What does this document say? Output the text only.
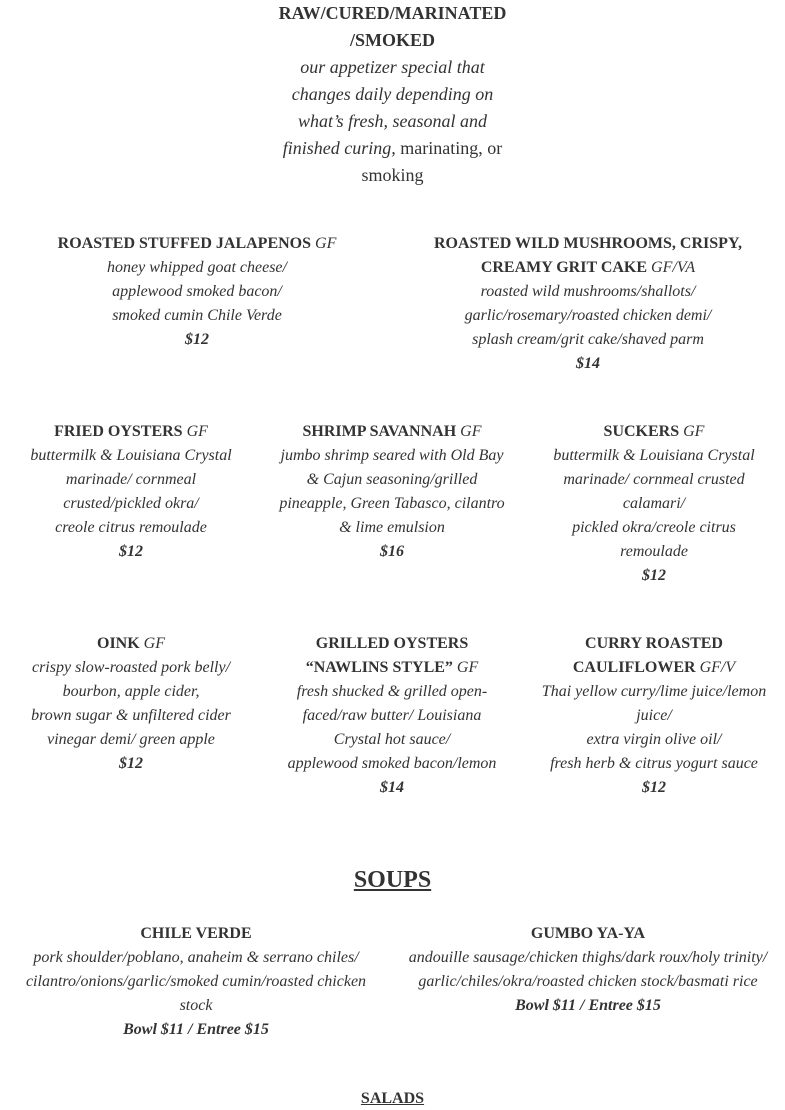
RAW/CURED/MARINATED
/SMOKED
our appetizer special that changes daily depending on what’s fresh, seasonal and finished curing, marinating, or smoking
ROASTED STUFFED JALAPENOS GF
honey whipped goat cheese/
applewood smoked bacon/
smoked cumin Chile Verde
$12
ROASTED WILD MUSHROOMS, CRISPY,
CREAMY GRIT CAKE GF/VA
roasted wild mushrooms/shallots/
garlic/rosemary/roasted chicken demi/
splash cream/grit cake/shaved parm
$14
FRIED OYSTERS GF
buttermilk & Louisiana Crystal
marinade/ cornmeal
crusted/pickled okra/
creole citrus remoulade
$12
SHRIMP SAVANNAH GF
jumbo shrimp seared with Old Bay
& Cajun seasoning/grilled
pineapple, Green Tabasco, cilantro
& lime emulsion
$16
SUCKERS GF
buttermilk & Louisiana Crystal
marinade/ cornmeal crusted
calamari/
pickled okra/creole citrus
remoulade
$12
OINK GF
crispy slow-roasted pork belly/
bourbon, apple cider,
brown sugar & unfiltered cider
vinegar demi/ green apple
$12
GRILLED OYSTERS
“NAWLINS STYLE” GF
fresh shucked & grilled open-
faced/raw butter/ Louisiana
Crystal hot sauce/
applewood smoked bacon/lemon
$14
CURRY ROASTED
CAULIFLOWER GF/V
Thai yellow curry/lime juice/lemon
juice/
extra virgin olive oil/
fresh herb & citrus yogurt sauce
$12
SOUPS
CHILE VERDE
pork shoulder/poblano, anaheim & serrano chiles/
cilantro/onions/garlic/smoked cumin/roasted chicken
stock
Bowl $11 / Entree $15
GUMBO YA-YA
andouille sausage/chicken thighs/dark roux/holy trinity/
garlic/chiles/okra/roasted chicken stock/basmati rice
Bowl $11 / Entree $15
SALADS
